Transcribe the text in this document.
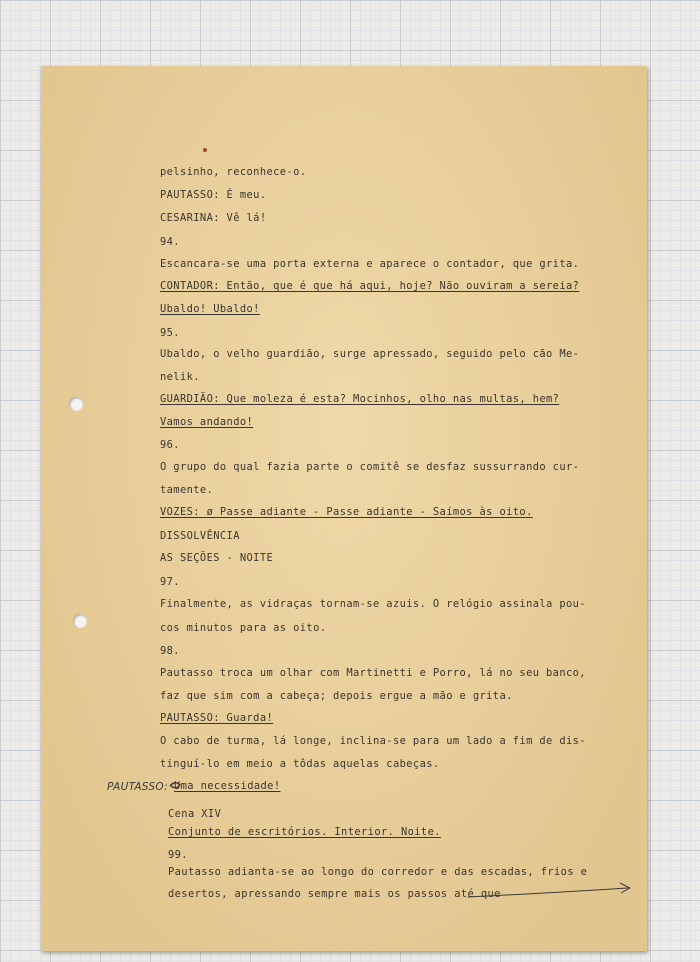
pelsinho, reconhece-o.
PAUTASSO: É meu.
CESARINA: Vê lá!
94.
Escancara-se uma porta externa e aparece o contador, que grita.
CONTADOR: Então, que é que há aqui, hoje? Não ouviram a sereia?
Ubaldo! Ubaldo!
95.
Ubaldo, o velho guardião, surge apressado, seguido pelo cão Me-
nelik.
GUARDIÃO: Que moleza é esta? Mocinhos, olho nas multas, hem?
Vamos andando!
96.
O grupo do qual fazia parte o comitê se desfaz sussurrando cur-
tamente.
VOZES: ø Passe adiante - Passe adiante - Saímos às oito.
DISSOLVÊNCIA
AS SEÇÕES - NOITE
97.
Finalmente, as vidraças tornam-se azuis. O relógio assinala pou-
cos minutos para as oito.
98.
Pautasso troca um olhar com Martinetti e Porro, lá no seu banco,
faz que sim com a cabeça; depois ergue a mão e grita.
PAUTASSO: Guarda!
O cabo de turma, lá longe, inclina-se para um lado a fim de dis-
tinguí-lo em meio a tôdas aquelas cabeças.
Uma necessidade!
Cena XIV
Conjunto de escritórios. Interior. Noite.
99.
Pautasso adianta-se ao longo do corredor e das escadas, frios e
desertos, apressando sempre mais os passos até que
PAUTASSO:
